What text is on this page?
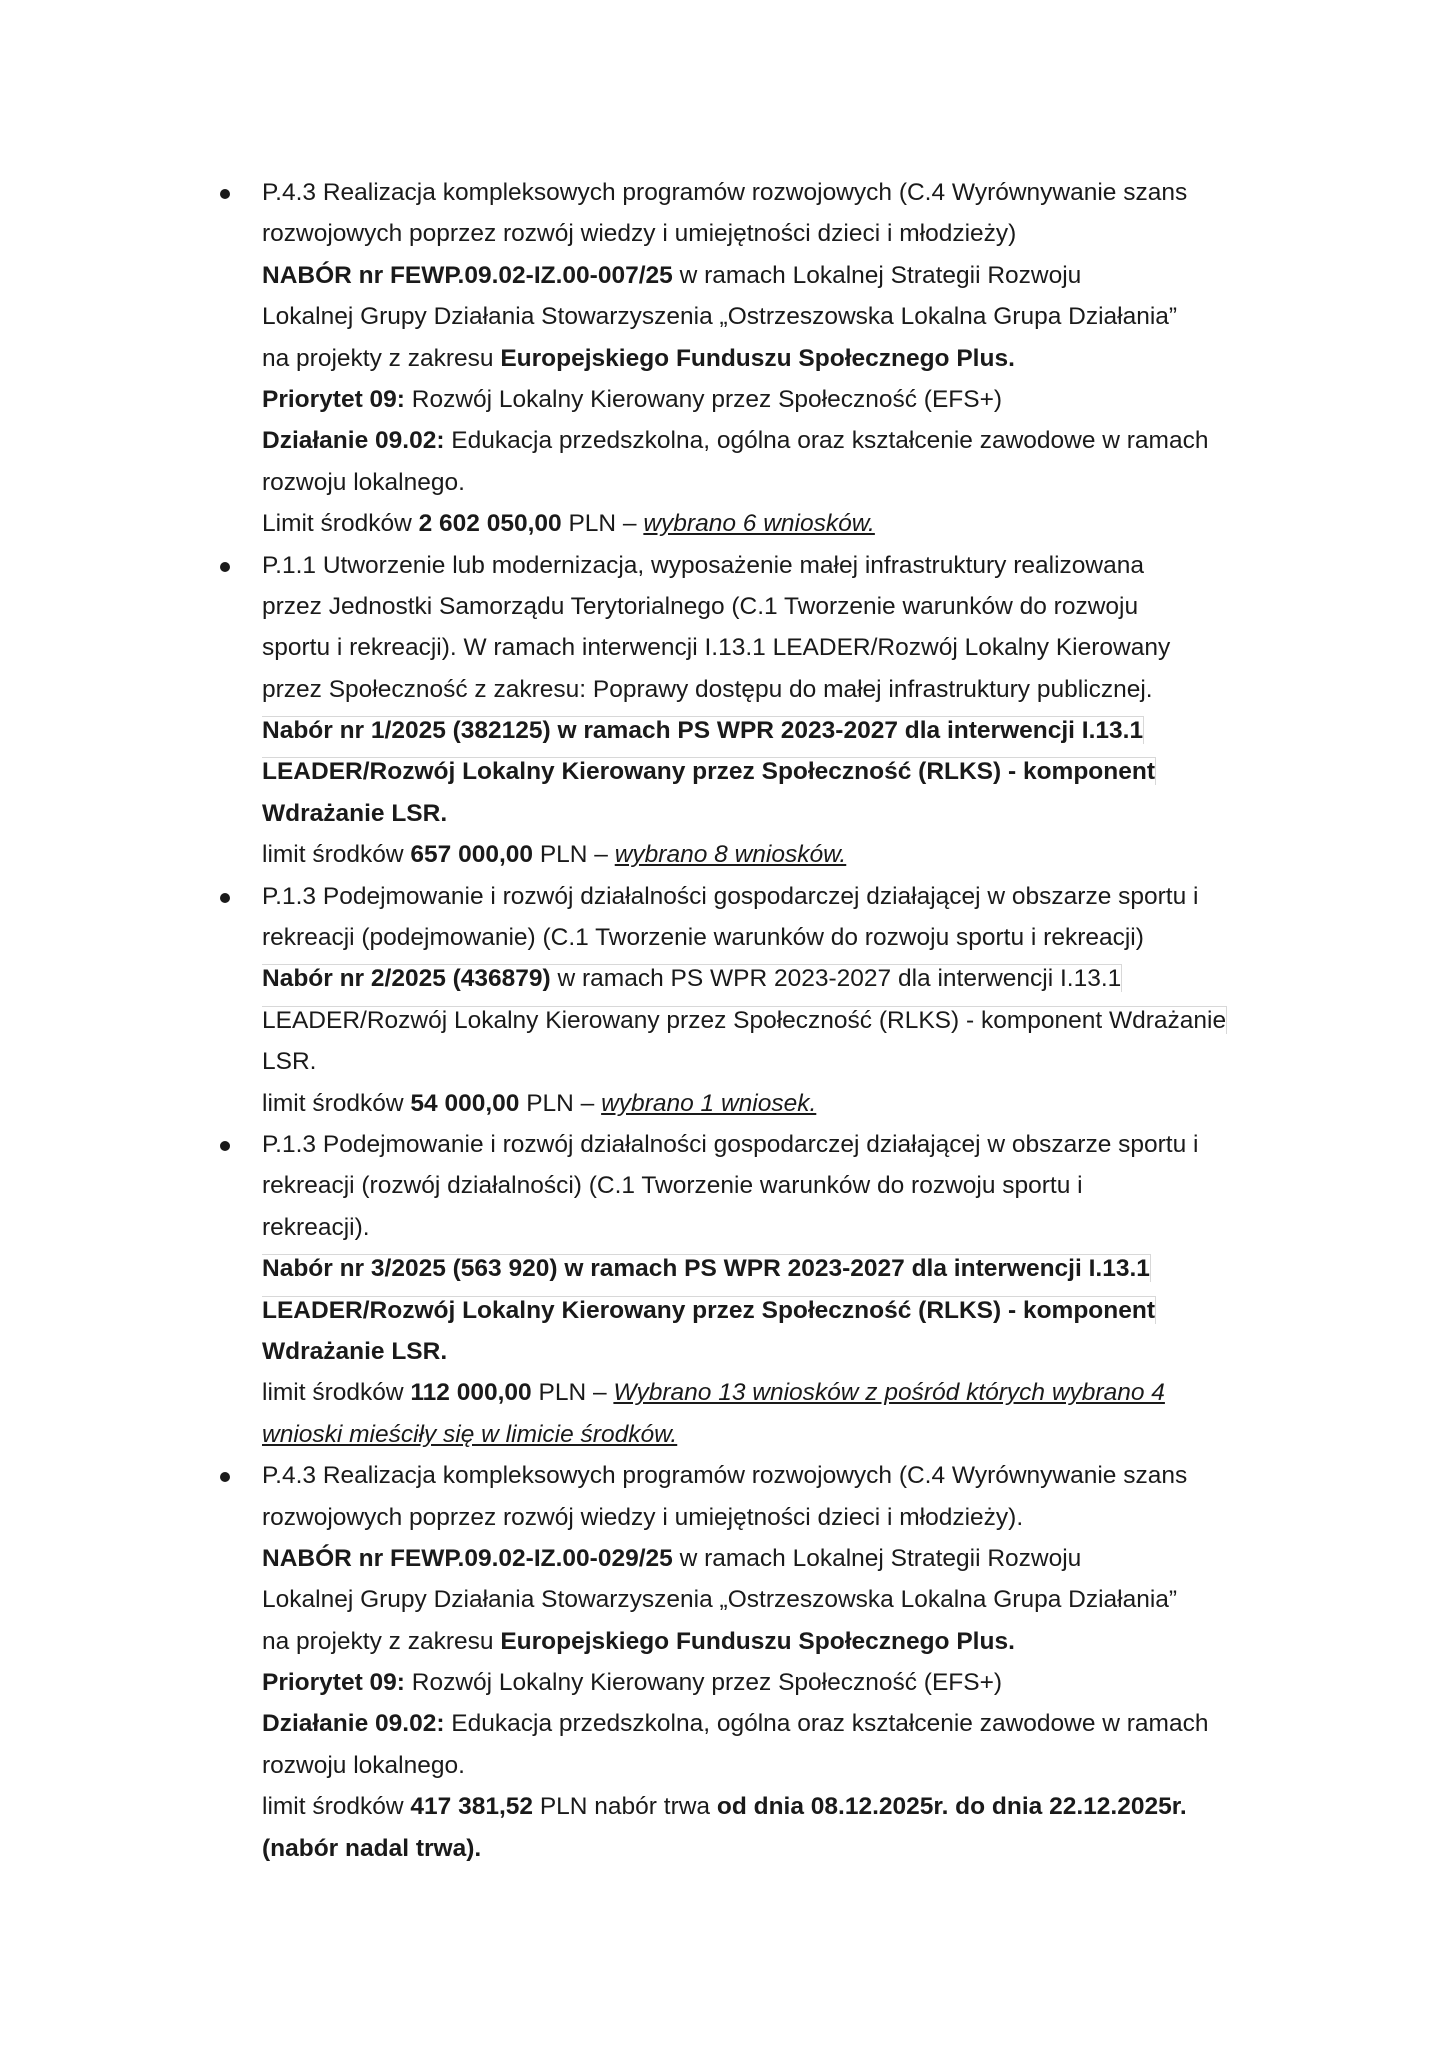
P.4.3 Realizacja kompleksowych programów rozwojowych (C.4 Wyrównywanie szans
rozwojowych poprzez rozwój wiedzy i umiejętności dzieci i młodzieży)
NABÓR nr FEWP.09.02-IZ.00-007/25 w ramach Lokalnej Strategii Rozwoju
Lokalnej Grupy Działania Stowarzyszenia „Ostrzeszowska Lokalna Grupa Działania”
na projekty z zakresu Europejskiego Funduszu Społecznego Plus.
Priorytet 09: Rozwój Lokalny Kierowany przez Społeczność (EFS+)
Działanie 09.02: Edukacja przedszkolna, ogólna oraz kształcenie zawodowe w ramach
rozwoju lokalnego.
Limit środków 2 602 050,00 PLN – wybrano 6 wniosków.
P.1.1 Utworzenie lub modernizacja, wyposażenie małej infrastruktury realizowana
przez Jednostki Samorządu Terytorialnego (C.1 Tworzenie warunków do rozwoju
sportu i rekreacji). W ramach interwencji I.13.1 LEADER/Rozwój Lokalny Kierowany
przez Społeczność z zakresu: Poprawy dostępu do małej infrastruktury publicznej.
Nabór nr 1/2025 (382125) w ramach PS WPR 2023-2027 dla interwencji I.13.1
LEADER/Rozwój Lokalny Kierowany przez Społeczność (RLKS) - komponent
Wdrażanie LSR.
limit środków 657 000,00 PLN – wybrano 8 wniosków.
P.1.3 Podejmowanie i rozwój działalności gospodarczej działającej w obszarze sportu i
rekreacji (podejmowanie) (C.1 Tworzenie warunków do rozwoju sportu i rekreacji)
Nabór nr 2/2025 (436879) w ramach PS WPR 2023-2027 dla interwencji I.13.1
LEADER/Rozwój Lokalny Kierowany przez Społeczność (RLKS) - komponent Wdrażanie
LSR.
limit środków 54 000,00 PLN – wybrano 1 wniosek.
P.1.3 Podejmowanie i rozwój działalności gospodarczej działającej w obszarze sportu i
rekreacji (rozwój działalności) (C.1 Tworzenie warunków do rozwoju sportu i
rekreacji).
Nabór nr 3/2025 (563 920) w ramach PS WPR 2023-2027 dla interwencji I.13.1
LEADER/Rozwój Lokalny Kierowany przez Społeczność (RLKS) - komponent
Wdrażanie LSR.
limit środków 112 000,00 PLN – Wybrano 13 wniosków z pośród których wybrano 4
wnioski mieściły się w limicie środków.
P.4.3 Realizacja kompleksowych programów rozwojowych (C.4 Wyrównywanie szans
rozwojowych poprzez rozwój wiedzy i umiejętności dzieci i młodzieży).
NABÓR nr FEWP.09.02-IZ.00-029/25 w ramach Lokalnej Strategii Rozwoju
Lokalnej Grupy Działania Stowarzyszenia „Ostrzeszowska Lokalna Grupa Działania”
na projekty z zakresu Europejskiego Funduszu Społecznego Plus.
Priorytet 09: Rozwój Lokalny Kierowany przez Społeczność (EFS+)
Działanie 09.02: Edukacja przedszkolna, ogólna oraz kształcenie zawodowe w ramach
rozwoju lokalnego.
limit środków 417 381,52 PLN nabór trwa od dnia 08.12.2025r. do dnia 22.12.2025r.
(nabór nadal trwa).
